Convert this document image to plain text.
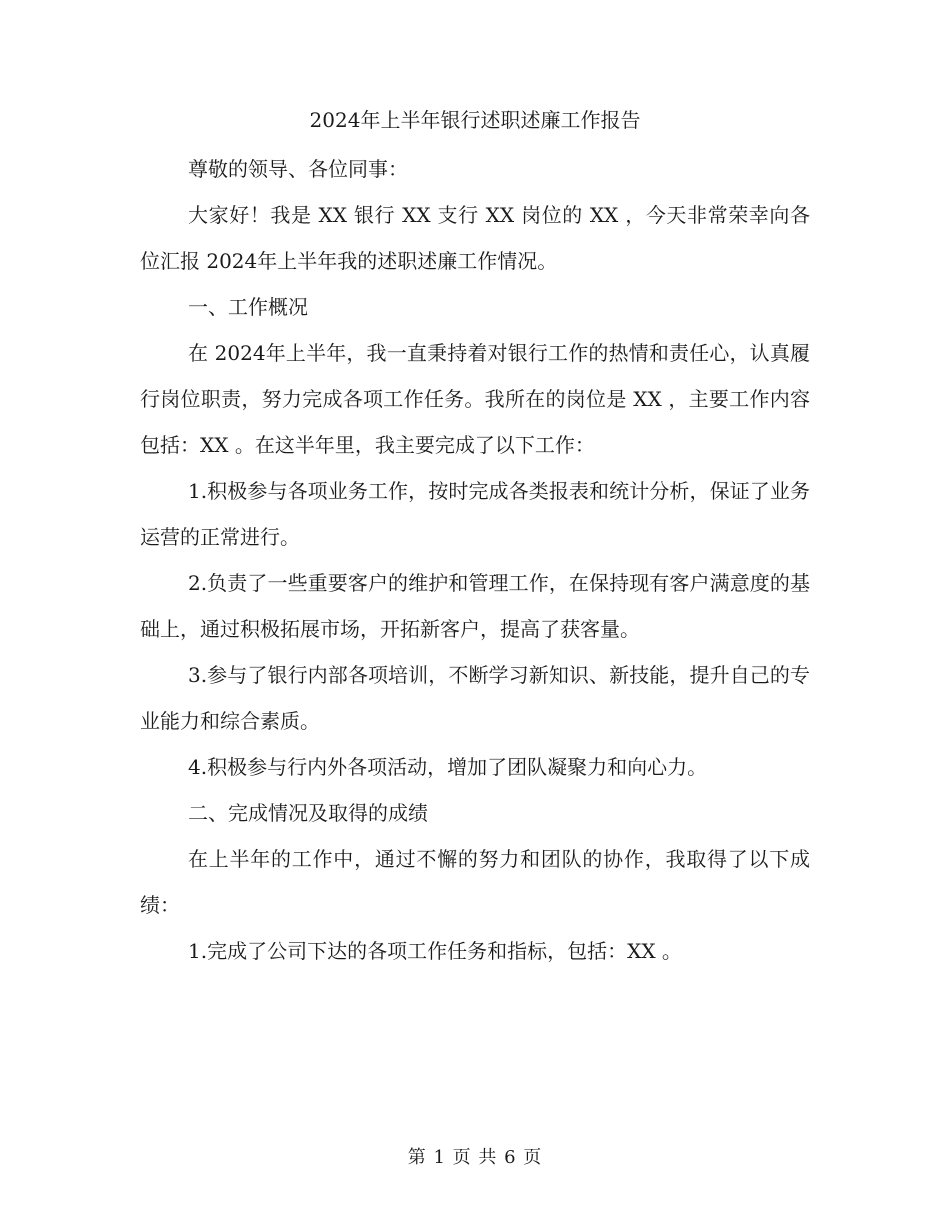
2024年上半年银行述职述廉工作报告

尊敬的领导、各位同事：

大家好！我是 XX 银行 XX 支行 XX 岗位的 XX ，今天非常荣幸向各位汇报 2024年上半年我的述职述廉工作情况。

一、工作概况

在 2024年上半年，我一直秉持着对银行工作的热情和责任心，认真履行岗位职责，努力完成各项工作任务。我所在的岗位是 XX ，主要工作内容包括：XX 。在这半年里，我主要完成了以下工作：

1.积极参与各项业务工作，按时完成各类报表和统计分析，保证了业务运营的正常进行。

2.负责了一些重要客户的维护和管理工作，在保持现有客户满意度的基础上，通过积极拓展市场，开拓新客户，提高了获客量。

3.参与了银行内部各项培训，不断学习新知识、新技能，提升自己的专业能力和综合素质。

4.积极参与行内外各项活动，增加了团队凝聚力和向心力。

二、完成情况及取得的成绩

在上半年的工作中，通过不懈的努力和团队的协作，我取得了以下成绩：

1.完成了公司下达的各项工作任务和指标，包括：XX 。

第 1 页 共 6 页
